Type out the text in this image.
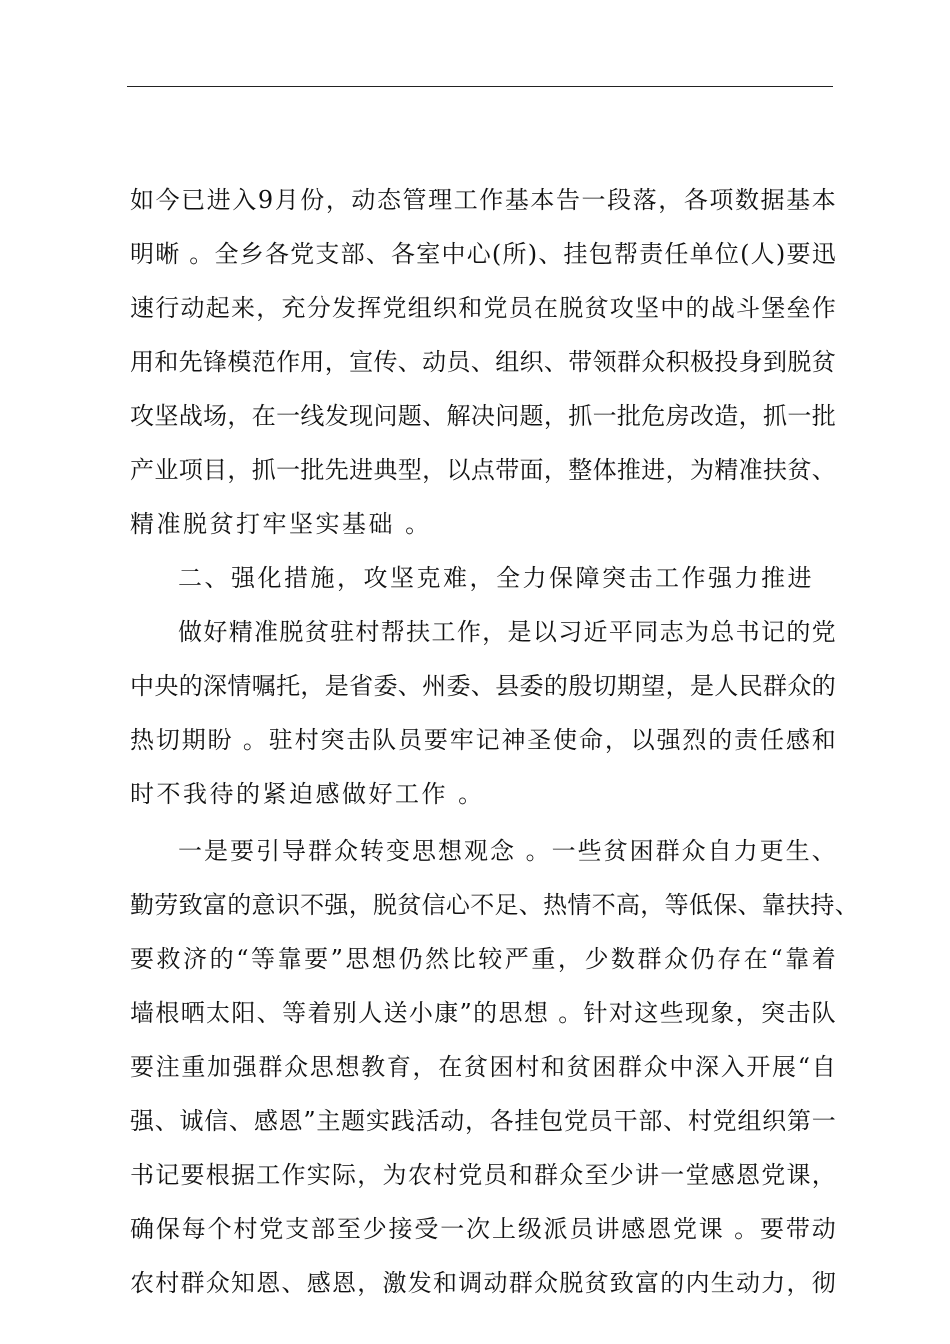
如今已进入9月份，动态管理工作基本告一段落，各项数据基本
明晰 。全乡各党支部、各室中心(所)、挂包帮责任单位(人)要迅
速行动起来，充分发挥党组织和党员在脱贫攻坚中的战斗堡垒作
用和先锋模范作用，宣传、动员、组织、带领群众积极投身到脱贫
攻坚战场，在一线发现问题、解决问题，抓一批危房改造，抓一批
产业项目，抓一批先进典型，以点带面，整体推进，为精准扶贫、
精准脱贫打牢坚实基础 。
二、强化措施，攻坚克难，全力保障突击工作强力推进
做好精准脱贫驻村帮扶工作，是以习近平同志为总书记的党
中央的深情嘱托，是省委、州委、县委的殷切期望，是人民群众的
热切期盼 。驻村突击队员要牢记神圣使命，以强烈的责任感和
时不我待的紧迫感做好工作 。
一是要引导群众转变思想观念 。一些贫困群众自力更生、
勤劳致富的意识不强，脱贫信心不足、热情不高，等低保、靠扶持、
要救济的“等靠要”思想仍然比较严重，少数群众仍存在“靠着
墙根晒太阳、等着别人送小康”的思想 。针对这些现象，突击队
要注重加强群众思想教育，在贫困村和贫困群众中深入开展“自
强、诚信、感恩”主题实践活动，各挂包党员干部、村党组织第一
书记要根据工作实际，为农村党员和群众至少讲一堂感恩党课，
确保每个村党支部至少接受一次上级派员讲感恩党课 。要带动
农村群众知恩、感恩，激发和调动群众脱贫致富的内生动力，彻
